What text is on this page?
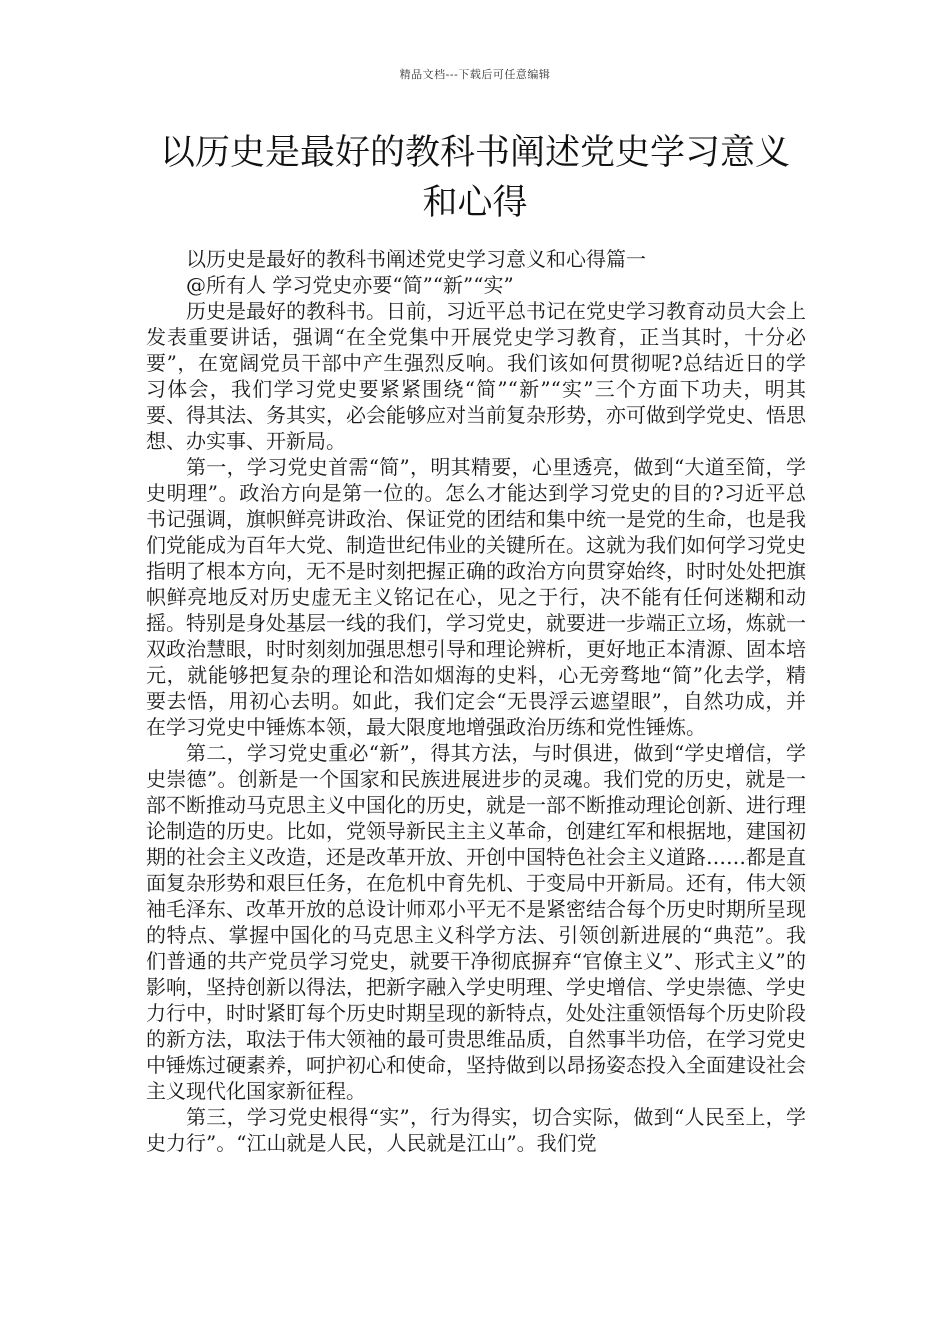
精品文档---下载后可任意编辑
以历史是最好的教科书阐述党史学习意义和心得

以历史是最好的教科书阐述党史学习意义和心得篇一

@所有人 学习党史亦要“简”“新”“实”

历史是最好的教科书。日前，习近平总书记在党史学习教育动员大会上发表重要讲话，强调“在全党集中开展党史学习教育，正当其时，十分必要”，在宽阔党员干部中产生强烈反响。我们该如何贯彻呢?总结近日的学习体会，我们学习党史要紧紧围绕“简”“新”“实”三个方面下功夫，明其要、得其法、务其实，必会能够应对当前复杂形势，亦可做到学党史、悟思想、办实事、开新局。

第一，学习党史首需“简”，明其精要，心里透亮，做到“大道至简，学史明理”。政治方向是第一位的。怎么才能达到学习党史的目的?习近平总书记强调，旗帜鲜亮讲政治、保证党的团结和集中统一是党的生命，也是我们党能成为百年大党、制造世纪伟业的关键所在。这就为我们如何学习党史指明了根本方向，无不是时刻把握正确的政治方向贯穿始终，时时处处把旗帜鲜亮地反对历史虚无主义铭记在心，见之于行，决不能有任何迷糊和动摇。特别是身处基层一线的我们，学习党史，就要进一步端正立场，炼就一双政治慧眼，时时刻刻加强思想引导和理论辨析，更好地正本清源、固本培元，就能够把复杂的理论和浩如烟海的史料，心无旁骛地“简”化去学，精要去悟，用初心去明。如此，我们定会“无畏浮云遮望眼”，自然功成，并在学习党史中锤炼本领，最大限度地增强政治历练和党性锤炼。

第二，学习党史重必“新”，得其方法，与时俱进，做到“学史增信，学史崇德”。创新是一个国家和民族进展进步的灵魂。我们党的历史，就是一部不断推动马克思主义中国化的历史，就是一部不断推动理论创新、进行理论制造的历史。比如，党领导新民主主义革命，创建红军和根据地，建国初期的社会主义改造，还是改革开放、开创中国特色社会主义道路……都是直面复杂形势和艰巨任务，在危机中育先机、于变局中开新局。还有，伟大领袖毛泽东、改革开放的总设计师邓小平无不是紧密结合每个历史时期所呈现的特点、掌握中国化的马克思主义科学方法、引领创新进展的“典范”。我们普通的共产党员学习党史，就要干净彻底摒弃“官僚主义”、形式主义”的影响，坚持创新以得法，把新字融入学史明理、学史增信、学史崇德、学史力行中，时时紧盯每个历史时期呈现的新特点，处处注重领悟每个历史阶段的新方法，取法于伟大领袖的最可贵思维品质，自然事半功倍，在学习党史中锤炼过硬素养，呵护初心和使命，坚持做到以昂扬姿态投入全面建设社会主义现代化国家新征程。

第三，学习党史根得“实”，行为得实，切合实际，做到“人民至上，学史力行”。“江山就是人民，人民就是江山”。我们党
